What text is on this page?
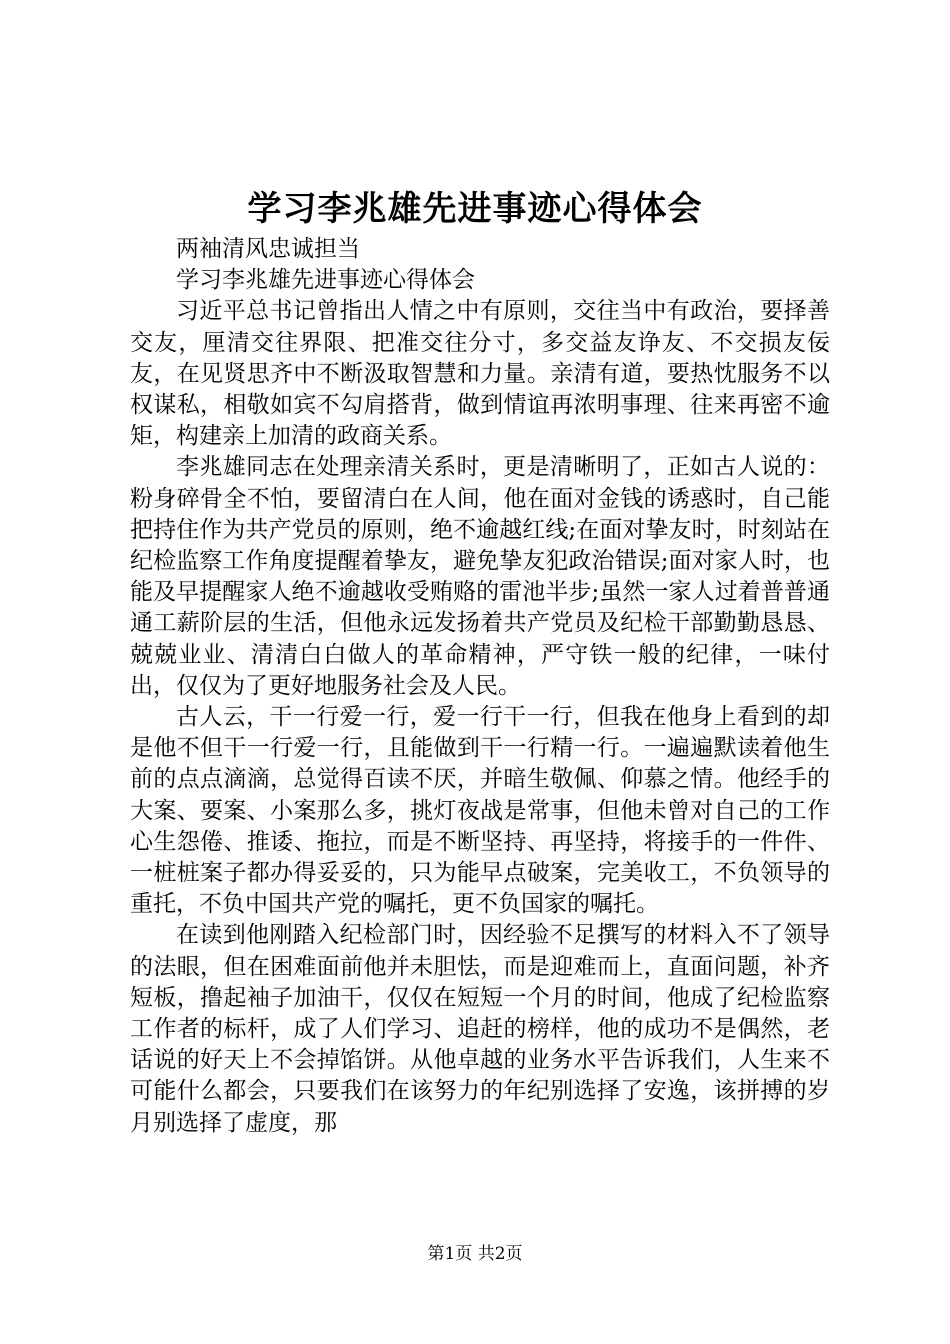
学习李兆雄先进事迹心得体会

两袖清风忠诚担当

学习李兆雄先进事迹心得体会

习近平总书记曾指出人情之中有原则，交往当中有政治，要择善交友，厘清交往界限、把准交往分寸，多交益友诤友、不交损友佞友，在见贤思齐中不断汲取智慧和力量。亲清有道，要热忱服务不以权谋私，相敬如宾不勾肩搭背，做到情谊再浓明事理、往来再密不逾矩，构建亲上加清的政商关系。

李兆雄同志在处理亲清关系时，更是清晰明了，正如古人说的：粉身碎骨全不怕，要留清白在人间，他在面对金钱的诱惑时，自己能把持住作为共产党员的原则，绝不逾越红线;在面对挚友时，时刻站在纪检监察工作角度提醒着挚友，避免挚友犯政治错误;面对家人时，也能及早提醒家人绝不逾越收受贿赂的雷池半步;虽然一家人过着普普通通工薪阶层的生活，但他永远发扬着共产党员及纪检干部勤勤恳恳、兢兢业业、清清白白做人的革命精神，严守铁一般的纪律，一味付出，仅仅为了更好地服务社会及人民。

古人云，干一行爱一行，爱一行干一行，但我在他身上看到的却是他不但干一行爱一行，且能做到干一行精一行。一遍遍默读着他生前的点点滴滴，总觉得百读不厌，并暗生敬佩、仰慕之情。他经手的大案、要案、小案那么多，挑灯夜战是常事，但他未曾对自己的工作心生怨倦、推诿、拖拉，而是不断坚持、再坚持，将接手的一件件、一桩桩案子都办得妥妥的，只为能早点破案，完美收工，不负领导的重托，不负中国共产党的嘱托，更不负国家的嘱托。

在读到他刚踏入纪检部门时，因经验不足撰写的材料入不了领导的法眼，但在困难面前他并未胆怯，而是迎难而上，直面问题，补齐短板，撸起袖子加油干，仅仅在短短一个月的时间，他成了纪检监察工作者的标杆，成了人们学习、追赶的榜样，他的成功不是偶然，老话说的好天上不会掉馅饼。从他卓越的业务水平告诉我们，人生来不可能什么都会，只要我们在该努力的年纪别选择了安逸，该拼搏的岁月别选择了虚度，那

第1页 共2页
